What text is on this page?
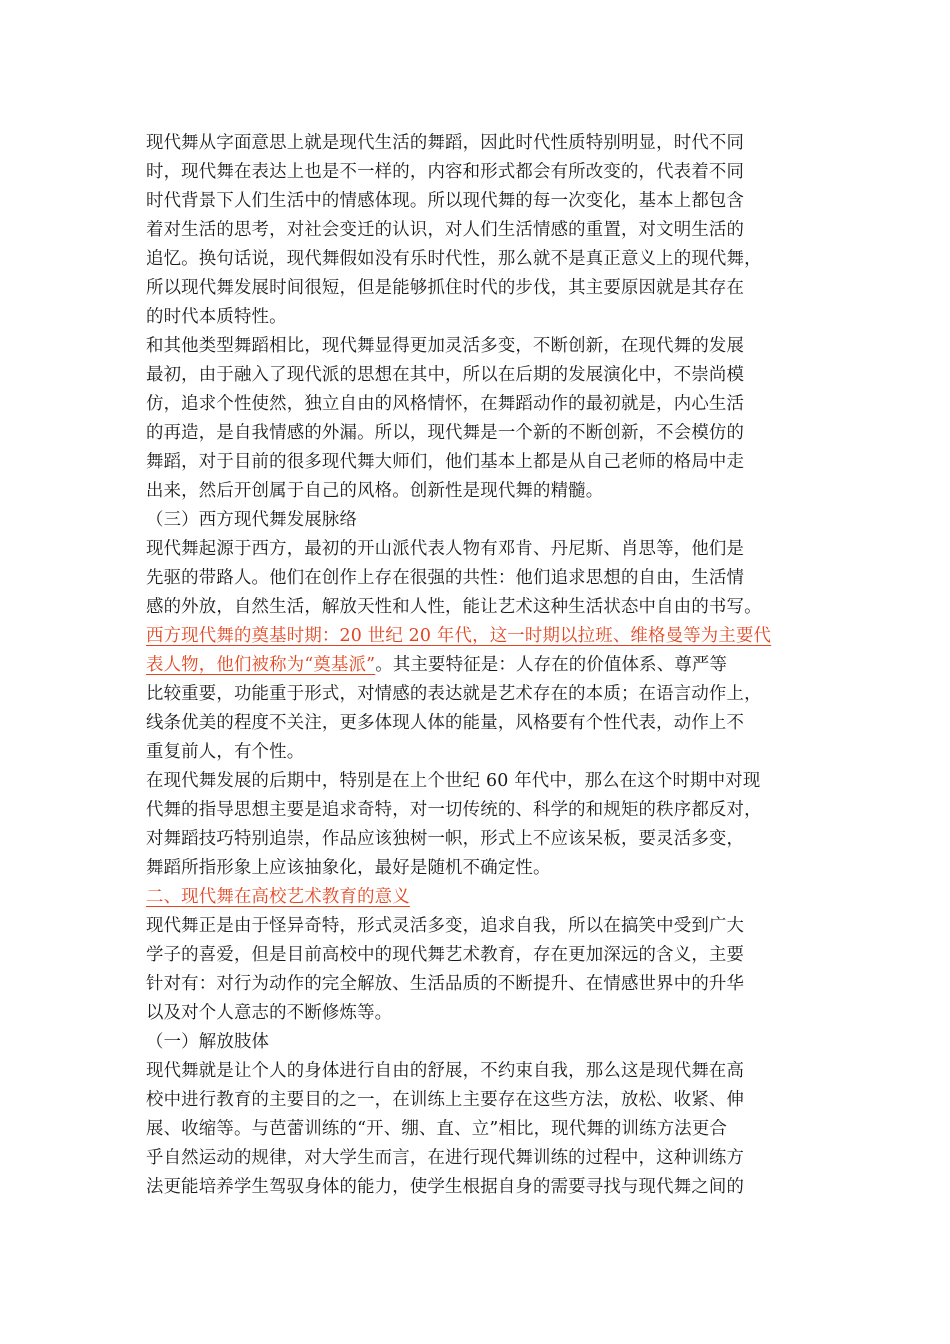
现代舞从字面意思上就是现代生活的舞蹈，因此时代性质特别明显，时代不同
时，现代舞在表达上也是不一样的，内容和形式都会有所改变的，代表着不同
时代背景下人们生活中的情感体现。所以现代舞的每一次变化，基本上都包含
着对生活的思考，对社会变迁的认识，对人们生活情感的重置，对文明生活的
追忆。换句话说，现代舞假如没有乐时代性，那么就不是真正意义上的现代舞，
所以现代舞发展时间很短，但是能够抓住时代的步伐，其主要原因就是其存在
的时代本质特性。
和其他类型舞蹈相比，现代舞显得更加灵活多变，不断创新，在现代舞的发展
最初，由于融入了现代派的思想在其中，所以在后期的发展演化中，不崇尚模
仿，追求个性使然，独立自由的风格情怀，在舞蹈动作的最初就是，内心生活
的再造，是自我情感的外漏。所以，现代舞是一个新的不断创新，不会模仿的
舞蹈，对于目前的很多现代舞大师们，他们基本上都是从自己老师的格局中走
出来，然后开创属于自己的风格。创新性是现代舞的精髓。
（三）西方现代舞发展脉络
现代舞起源于西方，最初的开山派代表人物有邓肯、丹尼斯、肖思等，他们是
先驱的带路人。他们在创作上存在很强的共性：他们追求思想的自由，生活情
感的外放，自然生活，解放天性和人性，能让艺术这种生活状态中自由的书写。
西方现代舞的奠基时期：20 世纪 20 年代，这一时期以拉班、维格曼等为主要代
表人物，他们被称为“奠基派”。其主要特征是：人存在的价值体系、尊严等
比较重要，功能重于形式，对情感的表达就是艺术存在的本质；在语言动作上，
线条优美的程度不关注，更多体现人体的能量，风格要有个性代表，动作上不
重复前人，有个性。
在现代舞发展的后期中，特别是在上个世纪 60 年代中，那么在这个时期中对现
代舞的指导思想主要是追求奇特，对一切传统的、科学的和规矩的秩序都反对，
对舞蹈技巧特别追崇，作品应该独树一帜，形式上不应该呆板，要灵活多变，
舞蹈所指形象上应该抽象化，最好是随机不确定性。
二、现代舞在高校艺术教育的意义
现代舞正是由于怪异奇特，形式灵活多变，追求自我，所以在搞笑中受到广大
学子的喜爱，但是目前高校中的现代舞艺术教育，存在更加深远的含义，主要
针对有：对行为动作的完全解放、生活品质的不断提升、在情感世界中的升华
以及对个人意志的不断修炼等。
（一）解放肢体
现代舞就是让个人的身体进行自由的舒展，不约束自我，那么这是现代舞在高
校中进行教育的主要目的之一，在训练上主要存在这些方法，放松、收紧、伸
展、收缩等。与芭蕾训练的“开、绷、直、立”相比，现代舞的训练方法更合
乎自然运动的规律，对大学生而言，在进行现代舞训练的过程中，这种训练方
法更能培养学生驾驭身体的能力，使学生根据自身的需要寻找与现代舞之间的
